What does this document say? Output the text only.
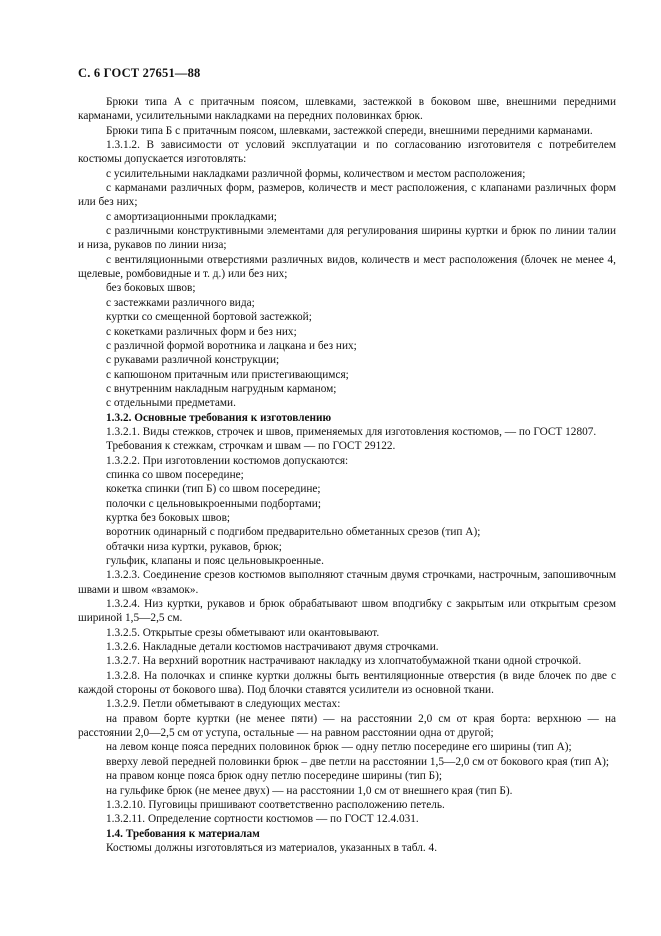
С. 6 ГОСТ 27651—88

Брюки типа А с притачным поясом, шлевками, застежкой в боковом шве, внешними передними карманами, усилительными накладками на передних половинках брюк.

Брюки типа Б с притачным поясом, шлевками, застежкой спереди, внешними передними карманами.

1.3.1.2. В зависимости от условий эксплуатации и по согласованию изготовителя с потребителем костюмы допускается изготовлять:

с усилительными накладками различной формы, количеством и местом расположения;

с карманами различных форм, размеров, количеств и мест расположения, с клапанами различных форм или без них;

с амортизационными прокладками;

с различными конструктивными элементами для регулирования ширины куртки и брюк по линии талии и низа, рукавов по линии низа;

с вентиляционными отверстиями различных видов, количеств и мест расположения (блочек не менее 4, щелевые, ромбовидные и т. д.) или без них;

без боковых швов;

с застежками различного вида;

куртки со смещенной бортовой застежкой;

с кокетками различных форм и без них;

с различной формой воротника и лацкана и без них;

с рукавами различной конструкции;

с капюшоном притачным или пристегивающимся;

с внутренним накладным нагрудным карманом;

с отдельными предметами.

1.3.2. Основные требования к изготовлению

1.3.2.1. Виды стежков, строчек и швов, применяемых для изготовления костюмов, — по ГОСТ 12807.

Требования к стежкам, строчкам и швам — по ГОСТ 29122.

1.3.2.2. При изготовлении костюмов допускаются:

спинка со швом посередине;

кокетка спинки (тип Б) со швом посередине;

полочки с цельновыкроенными подбортами;

куртка без боковых швов;

воротник одинарный с подгибом предварительно обметанных срезов (тип А);

обтачки низа куртки, рукавов, брюк;

гульфик, клапаны и пояс цельновыкроенные.

1.3.2.3. Соединение срезов костюмов выполняют стачным двумя строчками, настрочным, запошивочным швами и швом «взамок».

1.3.2.4. Низ куртки, рукавов и брюк обрабатывают швом вподгибку с закрытым или открытым срезом шириной 1,5—2,5 см.

1.3.2.5. Открытые срезы обметывают или окантовывают.

1.3.2.6. Накладные детали костюмов настрачивают двумя строчками.

1.3.2.7. На верхний воротник настрачивают накладку из хлопчатобумажной ткани одной строчкой.

1.3.2.8. На полочках и спинке куртки должны быть вентиляционные отверстия (в виде блочек по две с каждой стороны от бокового шва). Под блочки ставятся усилители из основной ткани.

1.3.2.9. Петли обметывают в следующих местах:

на правом борте куртки (не менее пяти) — на расстоянии 2,0 см от края борта: верхнюю — на расстоянии 2,0—2,5 см от уступа, остальные — на равном расстоянии одна от другой;

на левом конце пояса передних половинок брюк — одну петлю посередине его ширины (тип А);

вверху левой передней половинки брюк – две петли на расстоянии 1,5—2,0 см от бокового края (тип А);

на правом конце пояса брюк одну петлю посередине ширины (тип Б);

на гульфике брюк (не менее двух) — на расстоянии 1,0 см от внешнего края (тип Б).

1.3.2.10. Пуговицы пришивают соответственно расположению петель.

1.3.2.11. Определение сортности костюмов — по ГОСТ 12.4.031.

1.4. Требования к материалам

Костюмы должны изготовляться из материалов, указанных в табл. 4.
